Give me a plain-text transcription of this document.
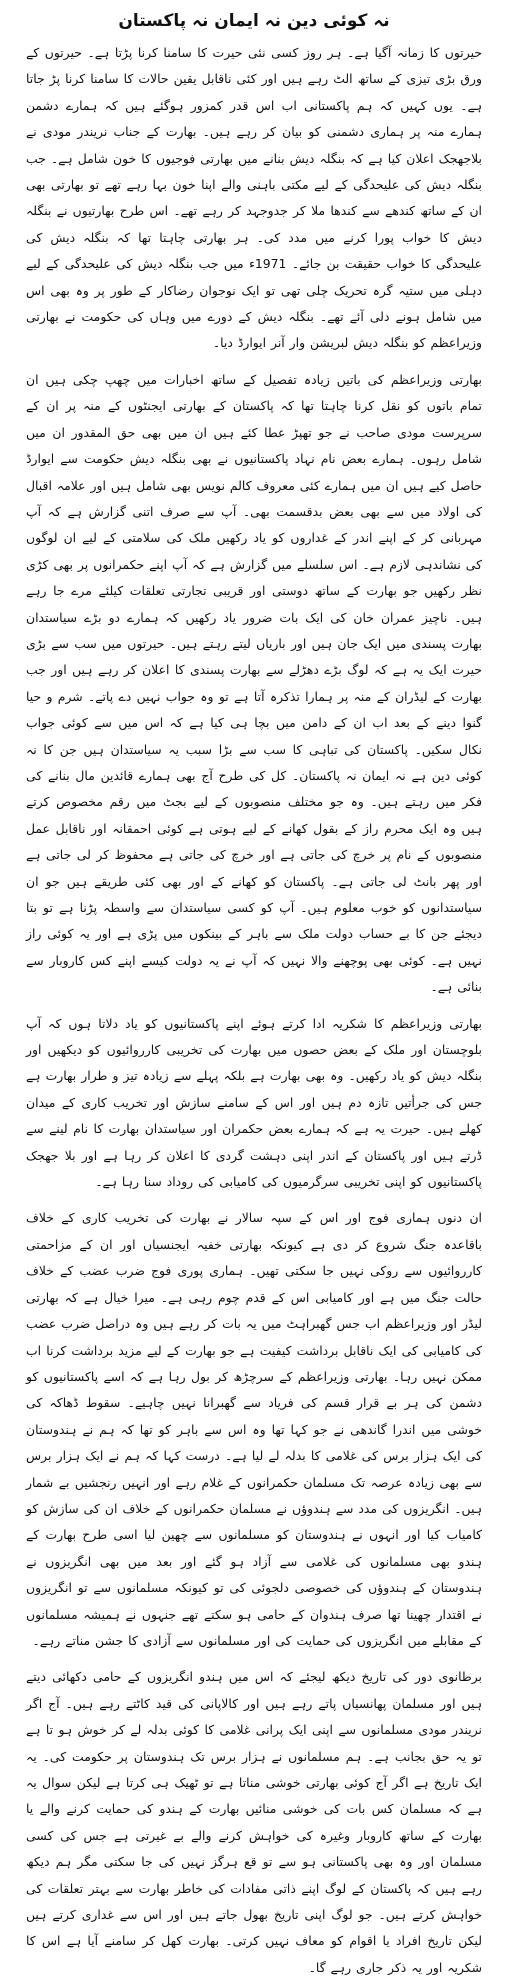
نہ کوئی دین نہ ایمان نہ پاکستان

حیرتوں کا زمانہ آگیا ہے۔ ہر روز کسی نئی حیرت کا سامنا کرنا پڑتا ہے۔ حیرتوں کے ورق بڑی تیزی کے ساتھ الٹ رہے ہیں اور کئی ناقابل یقین حالات کا سامنا کرنا پڑ جاتا ہے۔ یوں کہیں کہ ہم پاکستانی اب اس قدر کمزور ہوگئے ہیں کہ ہمارے دشمن ہمارے منہ پر ہماری دشمنی کو بیان کر رہے ہیں۔ بھارت کے جناب نریندر مودی نے بلاجھجک اعلان کیا ہے کہ بنگلہ دیش بنانے میں بھارتی فوجیوں کا خون شامل ہے۔ جب بنگلہ دیش کی علیحدگی کے لیے مکتی باہنی والے اپنا خون بہا رہے تھے تو بھارتی بھی ان کے ساتھ کندھے سے کندھا ملا کر جدوجہد کر رہے تھے۔ اس طرح بھارتیوں نے بنگلہ دیش کا خواب پورا کرنے میں مدد کی۔ ہر بھارتی چاہتا تھا کہ بنگلہ دیش کی علیحدگی کا خواب حقیقت بن جائے۔ 1971ء میں جب بنگلہ دیش کی علیحدگی کے لیے دہلی میں ستیہ گرہ تحریک چلی تھی تو ایک نوجوان رضاکار کے طور پر وہ بھی اس میں شامل ہونے دلی آئے تھے۔ بنگلہ دیش کے دورے میں وہاں کی حکومت نے بھارتی وزیراعظم کو بنگلہ دیش لبریشن وار آنر ایوارڈ دیا۔

بھارتی وزیراعظم کی باتیں زیادہ تفصیل کے ساتھ اخبارات میں چھپ چکی ہیں ان تمام باتوں کو نقل کرنا چاہتا تھا کہ پاکستان کے بھارتی ایجنٹوں کے منہ پر ان کے سرپرست مودی صاحب نے جو تھپڑ عطا کئے ہیں ان میں بھی حق المقدور ان میں شامل رہوں۔ ہمارے بعض نام نہاد پاکستانیوں نے بھی بنگلہ دیش حکومت سے ایوارڈ حاصل کیے ہیں ان میں ہمارے کئی معروف کالم نویس بھی شامل ہیں اور علامہ اقبال کی اولاد میں سے بھی بعض بدقسمت بھی۔ آپ سے صرف اتنی گزارش ہے کہ آپ مہربانی کر کے اپنے اندر کے غداروں کو یاد رکھیں ملک کی سلامتی کے لیے ان لوگوں کی نشاندہی لازم ہے۔ اس سلسلے میں گزارش ہے کہ آپ اپنے حکمرانوں پر بھی کڑی نظر رکھیں جو بھارت کے ساتھ دوستی اور قریبی تجارتی تعلقات کیلئے مرے جا رہے ہیں۔ ناچیز عمران خان کی ایک بات ضرور یاد رکھیں کہ ہمارے دو بڑے سیاستدان بھارت پسندی میں ایک جان ہیں اور باریاں لیتے رہتے ہیں۔ حیرتوں میں سب سے بڑی حیرت ایک یہ ہے کہ لوگ بڑے دھڑلے سے بھارت پسندی کا اعلان کر رہے ہیں اور جب بھارت کے لیڈران کے منہ پر ہمارا تذکرہ آتا ہے تو وہ جواب نہیں دے پاتے۔ شرم و حیا گنوا دینے کے بعد اب ان کے دامن میں بچا ہی کیا ہے کہ اس میں سے کوئی جواب نکال سکیں۔ پاکستان کی تباہی کا سب سے بڑا سبب یہ سیاستدان ہیں جن کا نہ کوئی دین ہے نہ ایمان نہ پاکستان۔ کل کی طرح آج بھی ہمارے قائدین مال بنانے کی فکر میں رہتے ہیں۔ وہ جو مختلف منصوبوں کے لیے بجٹ میں رقم مخصوص کرتے ہیں وہ ایک محرم راز کے بقول کھانے کے لیے ہوتی ہے کوئی احمقانہ اور ناقابل عمل منصوبوں کے نام پر خرچ کی جاتی ہے اور خرچ کی جاتی ہے محفوظ کر لی جاتی ہے اور پھر بانٹ لی جاتی ہے۔ پاکستان کو کھانے کے اور بھی کئی طریقے ہیں جو ان سیاستدانوں کو خوب معلوم ہیں۔ آپ کو کسی سیاستدان سے واسطہ پڑنا ہے تو بتا دیجئے جن کا بے حساب دولت ملک سے باہر کے بینکوں میں پڑی ہے اور یہ کوئی راز نہیں ہے۔ کوئی بھی پوچھنے والا نہیں کہ آپ نے یہ دولت کیسے اپنے کس کاروبار سے بنائی ہے۔

بھارتی وزیراعظم کا شکریہ ادا کرتے ہوئے اپنے پاکستانیوں کو یاد دلاتا ہوں کہ آپ بلوچستان اور ملک کے بعض حصوں میں بھارت کی تخریبی کارروائیوں کو دیکھیں اور بنگلہ دیش کو یاد رکھیں۔ وہ بھی بھارت ہے بلکہ پہلے سے زیادہ تیز و طرار بھارت ہے جس کی جرأتیں تازہ دم ہیں اور اس کے سامنے سازش اور تخریب کاری کے میدان کھلے ہیں۔ حیرت یہ ہے کہ ہمارے بعض حکمران اور سیاستدان بھارت کا نام لینے سے ڈرتے ہیں اور پاکستان کے اندر اپنی دہشت گردی کا اعلان کر رہا ہے اور بلا جھجک پاکستانیوں کو اپنی تخریبی سرگرمیوں کی کامیابی کی روداد سنا رہا ہے۔

ان دنوں ہماری فوج اور اس کے سپہ سالار نے بھارت کی تخریب کاری کے خلاف باقاعدہ جنگ شروع کر دی ہے کیونکہ بھارتی خفیہ ایجنسیاں اور ان کے مزاحمتی کارروائیوں سے روکی نہیں جا سکتی تھیں۔ ہماری پوری فوج ضرب عضب کے خلاف حالت جنگ میں ہے اور کامیابی اس کے قدم چوم رہی ہے۔ میرا خیال ہے کہ بھارتی لیڈر اور وزیراعظم اب جس گھبراہٹ میں یہ بات کر رہے ہیں وہ دراصل ضرب عضب کی کامیابی کی ایک ناقابل برداشت کیفیت ہے جو بھارت کے لیے مزید برداشت کرنا اب ممکن نہیں رہا۔ بھارتی وزیراعظم کے سرچڑھ کر بول رہا ہے کہ اسے پاکستانیوں کو دشمن کی ہر بے قرار قسم کی فریاد سے گھبرانا نہیں چاہیے۔ سقوط ڈھاکہ کی خوشی میں اندرا گاندھی نے جو کہا تھا وہ اس سے باہر کو تھا کہ ہم نے ہندوستان کی ایک ہزار برس کی غلامی کا بدلہ لے لیا ہے۔ درست کہا کہ ہم نے ایک ہزار برس سے بھی زیادہ عرصہ تک مسلمان حکمرانوں کے غلام رہے اور انہیں رنجشیں بے شمار ہیں۔ انگریزوں کی مدد سے ہندوؤں نے مسلمان حکمرانوں کے خلاف ان کی سازش کو کامیاب کیا اور انہوں نے ہندوستان کو مسلمانوں سے چھین لیا اسی طرح بھارت کے ہندو بھی مسلمانوں کی غلامی سے آزاد ہو گئے اور بعد میں بھی انگریزوں نے ہندوستان کے ہندوؤں کی خصوصی دلجوئی کی تو کیونکہ مسلمانوں سے تو انگریزوں نے اقتدار چھینا تھا صرف ہندوان کے حامی ہو سکتے تھے جنہوں نے ہمیشہ مسلمانوں کے مقابلے میں انگریزوں کی حمایت کی اور مسلمانوں سے آزادی کا جشن مناتے رہے۔

برطانوی دور کی تاریخ دیکھ لیجئے کہ اس میں ہندو انگریزوں کے حامی دکھائی دیتے ہیں اور مسلمان پھانسیاں پاتے رہے ہیں اور کالاپانی کی قید کاٹتے رہے ہیں۔ آج اگر نریندر مودی مسلمانوں سے اپنی ایک پرانی غلامی کا کوئی بدلہ لے کر خوش ہو تا ہے تو یہ حق بجانب ہے۔ ہم مسلمانوں نے ہزار برس تک ہندوستان پر حکومت کی۔ یہ ایک تاریخ ہے اگر آج کوئی بھارتی خوشی مناتا ہے تو ٹھیک ہی کرتا ہے لیکن سوال یہ ہے کہ مسلمان کس بات کی خوشی منائیں بھارت کے ہندو کی حمایت کرنے والے یا بھارت کے ساتھ کاروبار وغیرہ کی خواہش کرنے والے بے غیرتی ہے جس کی کسی مسلمان اور وہ بھی پاکستانی ہو سے تو قع ہرگز نہیں کی جا سکتی مگر ہم دیکھ رہے ہیں کہ پاکستان کے لوگ اپنے ذاتی مفادات کی خاطر بھارت سے بہتر تعلقات کی خواہش کرتے ہیں۔ جو لوگ اپنی تاریخ بھول جاتے ہیں اور اس سے غداری کرتے ہیں لیکن تاریخ افراد یا اقوام کو معاف نہیں کرتی۔ بھارت کھل کر سامنے آیا ہے اس کا شکریہ اور یہ ذکر جاری رہے گا۔
